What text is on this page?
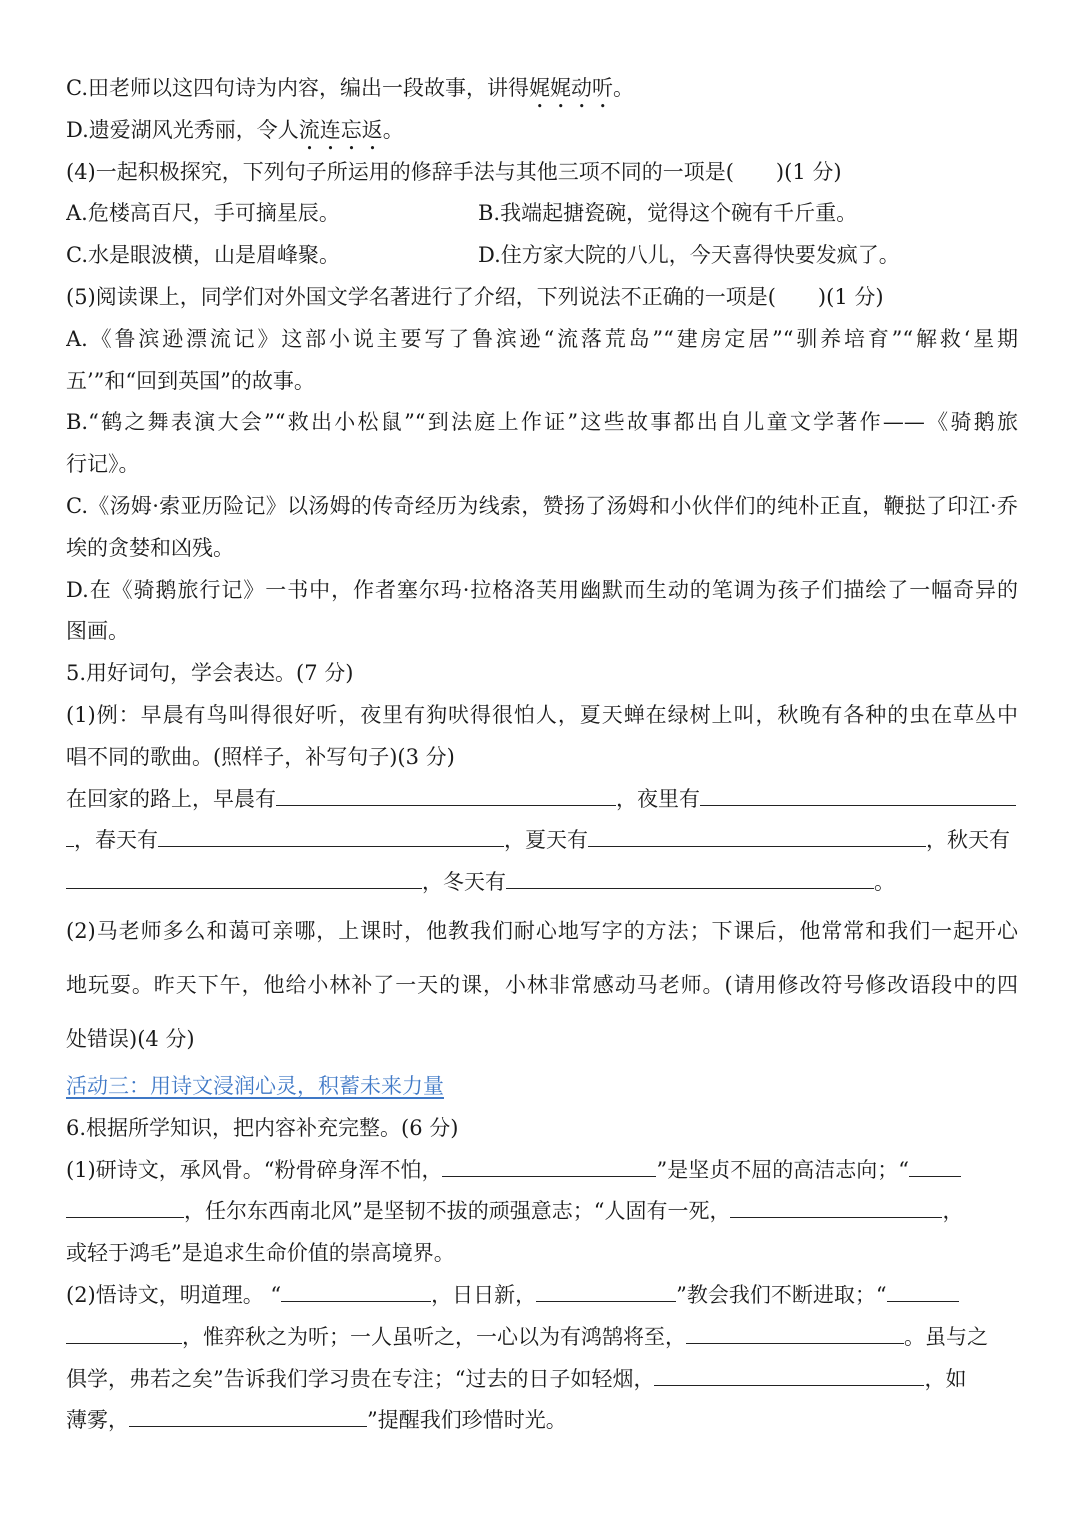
C.田老师以这四句诗为内容，编出一段故事，讲得娓娓动听。
D.遗爱湖风光秀丽，令人流连忘返。
(4)一起积极探究，下列句子所运用的修辞手法与其他三项不同的一项是(　　)(1 分)
A.危楼高百尺，手可摘星辰。	B.我端起搪瓷碗，觉得这个碗有千斤重。
C.水是眼波横，山是眉峰聚。	D.住方家大院的八儿，今天喜得快要发疯了。
(5)阅读课上，同学们对外国文学名著进行了介绍，下列说法不正确的一项是(　　)(1 分)
A.《鲁滨逊漂流记》这部小说主要写了鲁滨逊“流落荒岛”“建房定居”“驯养培育”“解救‘星期
五’”和“回到英国”的故事。
B.“鹤之舞表演大会”“救出小松鼠”“到法庭上作证”这些故事都出自儿童文学著作——《骑鹅旅
行记》。
C.《汤姆·索亚历险记》以汤姆的传奇经历为线索，赞扬了汤姆和小伙伴们的纯朴正直，鞭挞了印江·乔
埃的贪婪和凶残。
D.在《骑鹅旅行记》一书中，作者塞尔玛·拉格洛芙用幽默而生动的笔调为孩子们描绘了一幅奇异的
图画。
5.用好词句，学会表达。(7 分)
(1)例：早晨有鸟叫得很好听，夜里有狗吠得很怕人，夏天蝉在绿树上叫，秋晚有各种的虫在草丛中
唱不同的歌曲。(照样子，补写句子)(3 分)
在回家的路上，早晨有	，夜里有
，春天有	，夏天有	，秋天有
，冬天有	。
(2)马老师多么和蔼可亲哪，上课时，他教我们耐心地写字的方法；下课后，他常常和我们一起开心
地玩耍。昨天下午，他给小林补了一天的课，小林非常感动马老师。(请用修改符号修改语段中的四
处错误)(4 分)
活动三：用诗文浸润心灵，积蓄未来力量
6.根据所学知识，把内容补充完整。(6 分)
(1)研诗文，承风骨。“粉骨碎身浑不怕，	”是坚贞不屈的高洁志向；“
，任尔东西南北风”是坚韧不拔的顽强意志；“人固有一死，	，
或轻于鸿毛”是追求生命价值的崇高境界。
(2)悟诗文，明道理。 “	，日日新，	”教会我们不断进取；“
，惟弈秋之为听；一人虽听之，一心以为有鸿鹄将至，	。虽与之
俱学，弗若之矣”告诉我们学习贵在专注；“过去的日子如轻烟，	，如
薄雾，	”提醒我们珍惜时光。
